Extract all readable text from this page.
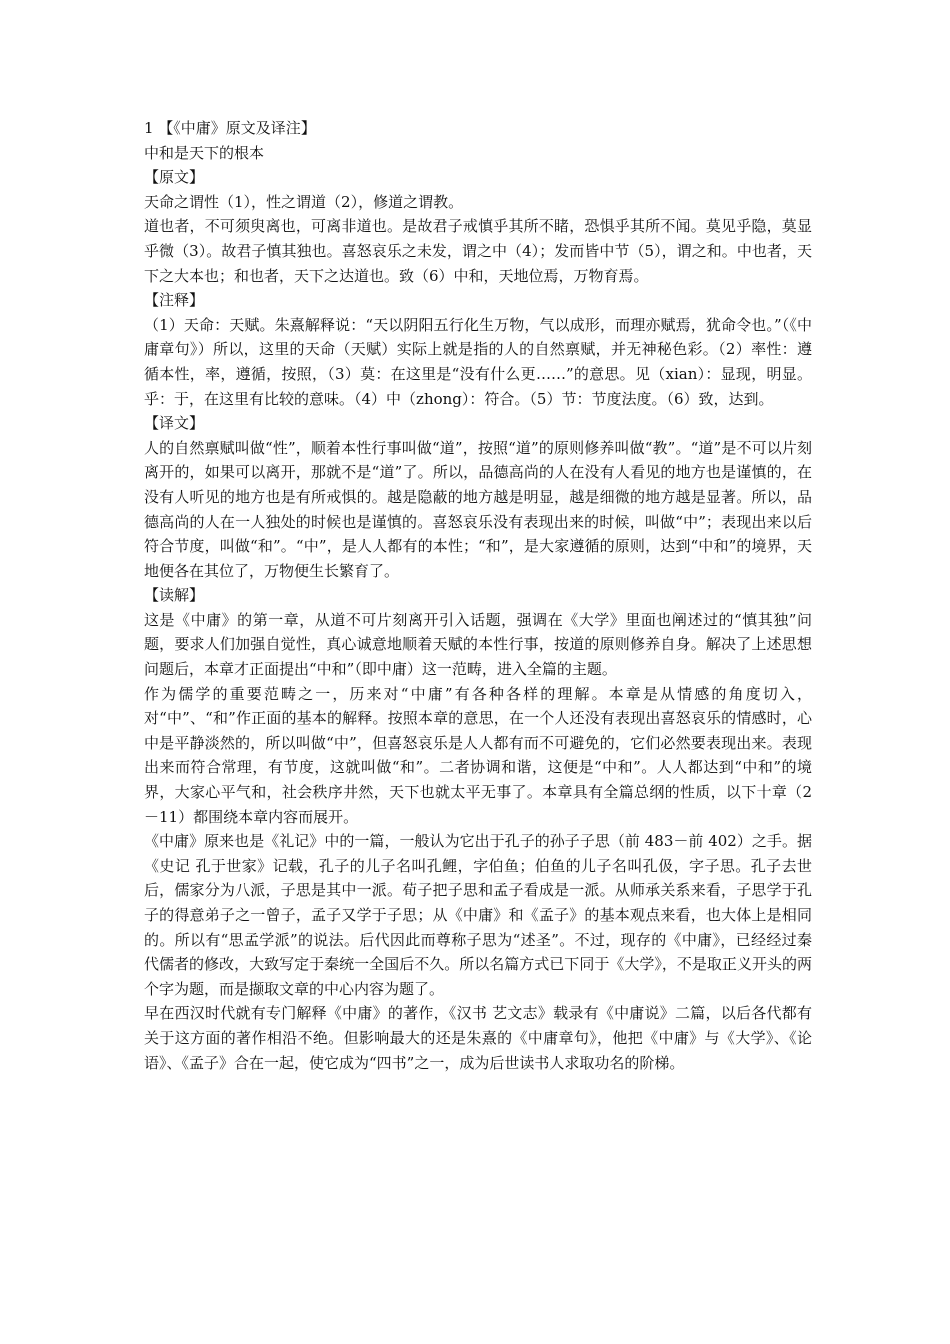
1 【《中庸》原文及译注】

中和是天下的根本

【原文】

天命之谓性（1），性之谓道（2），修道之谓教。

道也者，不可须臾离也，可离非道也。是故君子戒慎乎其所不睹，恐惧乎其所不闻。莫见乎隐，莫显乎微（3）。故君子慎其独也。喜怒哀乐之未发，谓之中（4）；发而皆中节（5），谓之和。中也者，天下之大本也；和也者，天下之达道也。致（6）中和，天地位焉，万物育焉。

【注释】

（1）天命：天赋。朱熹解释说：“天以阴阳五行化生万物，气以成形，而理亦赋焉，犹命令也。”（《中庸章句》）所以，这里的天命（天赋）实际上就是指的人的自然禀赋，并无神秘色彩。（2）率性：遵循本性，率，遵循，按照，（3）莫：在这里是“没有什么更……”的意思。见（xian）：显现，明显。乎：于，在这里有比较的意味。（4）中（zhong）：符合。（5）节：节度法度。（6）致，达到。

【译文】

人的自然禀赋叫做“性”，顺着本性行事叫做“道”，按照“道”的原则修养叫做“教”。“道”是不可以片刻离开的，如果可以离开，那就不是“道”了。所以，品德高尚的人在没有人看见的地方也是谨慎的，在没有人听见的地方也是有所戒惧的。越是隐蔽的地方越是明显，越是细微的地方越是显著。所以，品德高尚的人在一人独处的时候也是谨慎的。喜怒哀乐没有表现出来的时候，叫做“中”；表现出来以后符合节度，叫做“和”。“中”，是人人都有的本性；“和”，是大家遵循的原则，达到“中和”的境界，天地便各在其位了，万物便生长繁育了。

【读解】

这是《中庸》的第一章，从道不可片刻离开引入话题，强调在《大学》里面也阐述过的“慎其独”问题，要求人们加强自觉性，真心诚意地顺着天赋的本性行事，按道的原则修养自身。解决了上述思想问题后，本章才正面提出“中和”（即中庸）这一范畴，进入全篇的主题。

作为儒学的重要范畴之一，历来对“中庸”有各种各样的理解。本章是从情感的角度切入，对“中”、“和”作正面的基本的解释。按照本章的意思，在一个人还没有表现出喜怒哀乐的情感时，心中是平静淡然的，所以叫做“中”，但喜怒哀乐是人人都有而不可避免的，它们必然要表现出来。表现出来而符合常理，有节度，这就叫做“和”。二者协调和谐，这便是“中和”。人人都达到“中和”的境界，大家心平气和，社会秩序井然，天下也就太平无事了。本章具有全篇总纲的性质，以下十章（2－11）都围绕本章内容而展开。

《中庸》原来也是《礼记》中的一篇，一般认为它出于孔子的孙子子思（前 483－前 402）之手。据《史记 孔于世家》记载，孔子的儿子名叫孔鲤，字伯鱼；伯鱼的儿子名叫孔伋，字子思。孔子去世后，儒家分为八派，子思是其中一派。荀子把子思和孟子看成是一派。从师承关系来看，子思学于孔子的得意弟子之一曾子，孟子又学于子思；从《中庸》和《孟子》的基本观点来看，也大体上是相同的。所以有“思孟学派”的说法。后代因此而尊称子思为“述圣”。不过，现存的《中庸》，已经经过秦代儒者的修改，大致写定于秦统一全国后不久。所以名篇方式已下同于《大学》，不是取正义开头的两个字为题，而是撷取文章的中心内容为题了。

早在西汉时代就有专门解释《中庸》的著作，《汉书 艺文志》载录有《中庸说》二篇，以后各代都有关于这方面的著作相沿不绝。但影响最大的还是朱熹的《中庸章句》，他把《中庸》与《大学》、《论语》、《孟子》合在一起，使它成为“四书”之一，成为后世读书人求取功名的阶梯。
